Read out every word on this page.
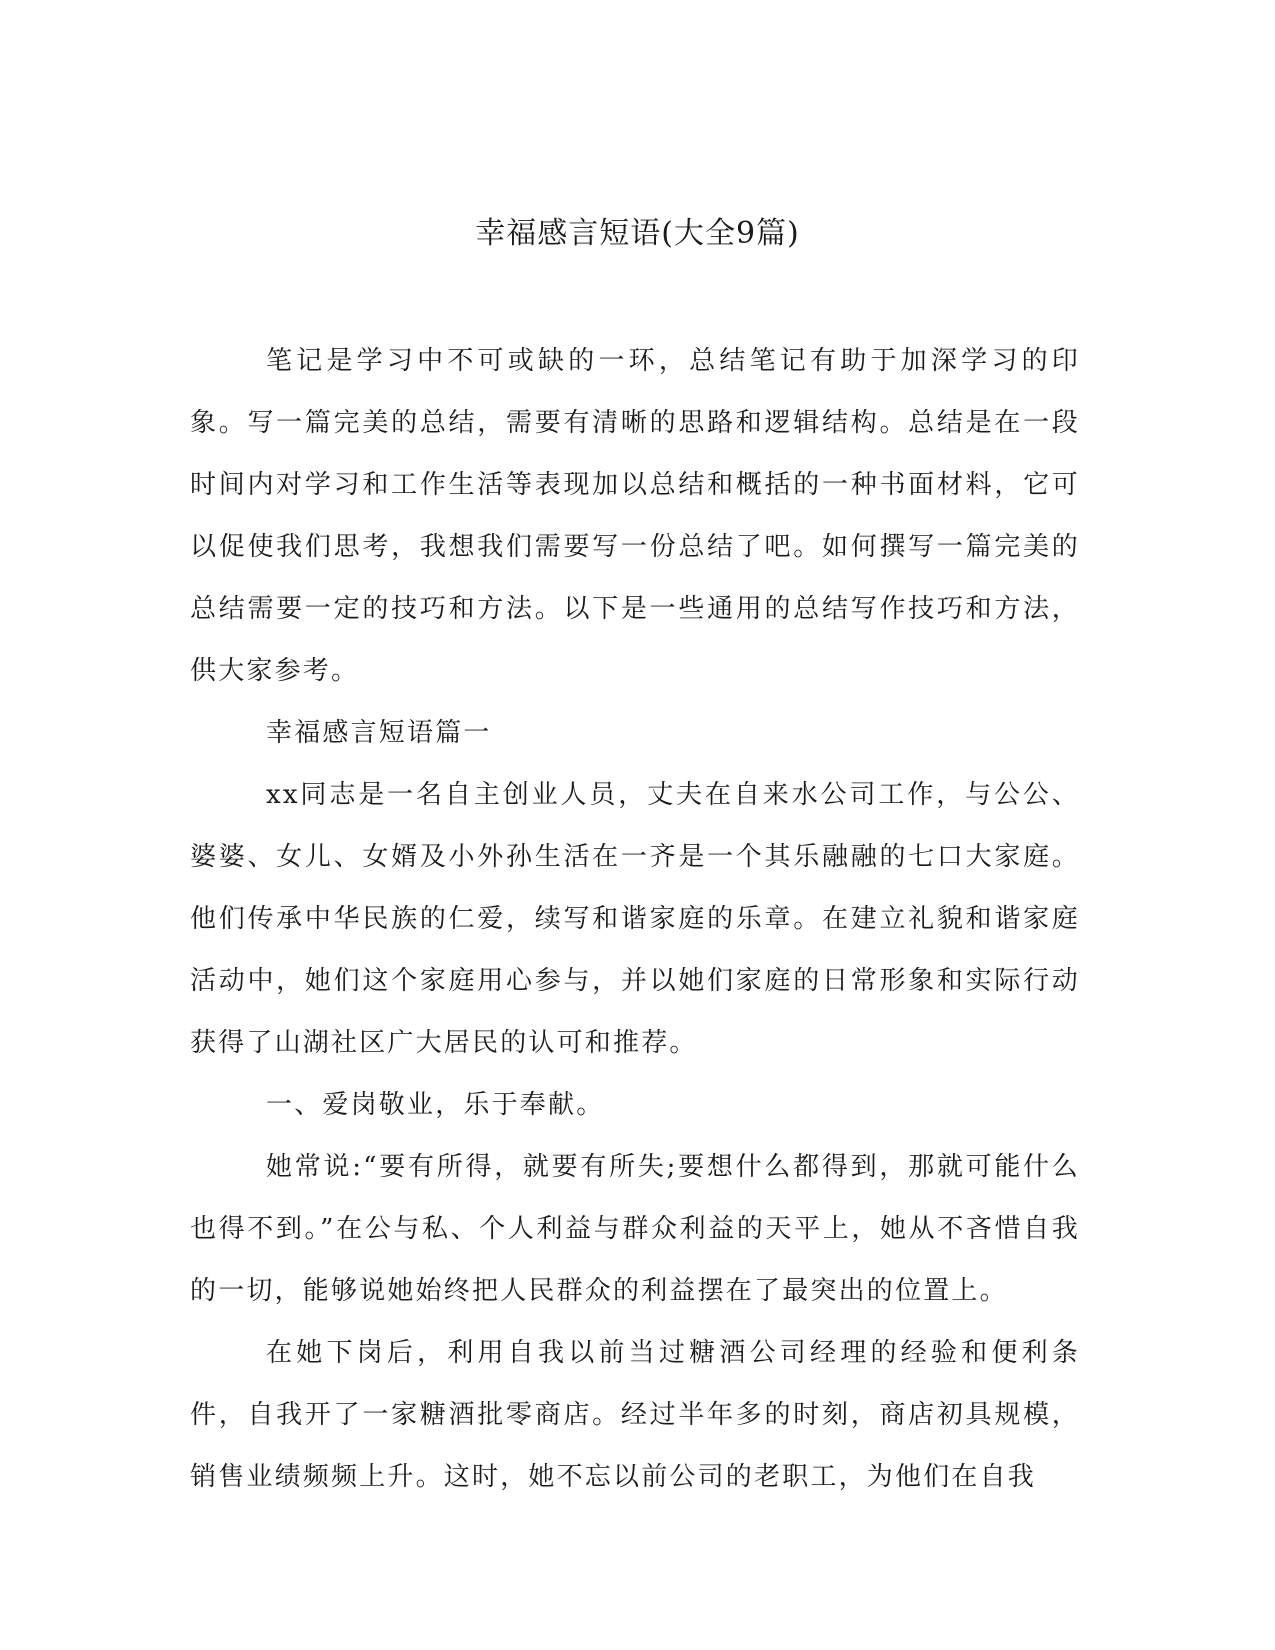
幸福感言短语(大全9篇)

笔记是学习中不可或缺的一环，总结笔记有助于加深学习的印象。写一篇完美的总结，需要有清晰的思路和逻辑结构。总结是在一段时间内对学习和工作生活等表现加以总结和概括的一种书面材料，它可以促使我们思考，我想我们需要写一份总结了吧。如何撰写一篇完美的总结需要一定的技巧和方法。以下是一些通用的总结写作技巧和方法，供大家参考。

幸福感言短语篇一

xx同志是一名自主创业人员，丈夫在自来水公司工作，与公公、婆婆、女儿、女婿及小外孙生活在一齐是一个其乐融融的七口大家庭。他们传承中华民族的仁爱，续写和谐家庭的乐章。在建立礼貌和谐家庭活动中，她们这个家庭用心参与，并以她们家庭的日常形象和实际行动获得了山湖社区广大居民的认可和推荐。

一、爱岗敬业，乐于奉献。

她常说:“要有所得，就要有所失;要想什么都得到，那就可能什么也得不到。”在公与私、个人利益与群众利益的天平上，她从不吝惜自我的一切，能够说她始终把人民群众的利益摆在了最突出的位置上。

在她下岗后，利用自我以前当过糖酒公司经理的经验和便利条件，自我开了一家糖酒批零商店。经过半年多的时刻，商店初具规模，销售业绩频频上升。这时，她不忘以前公司的老职工，为他们在自我
